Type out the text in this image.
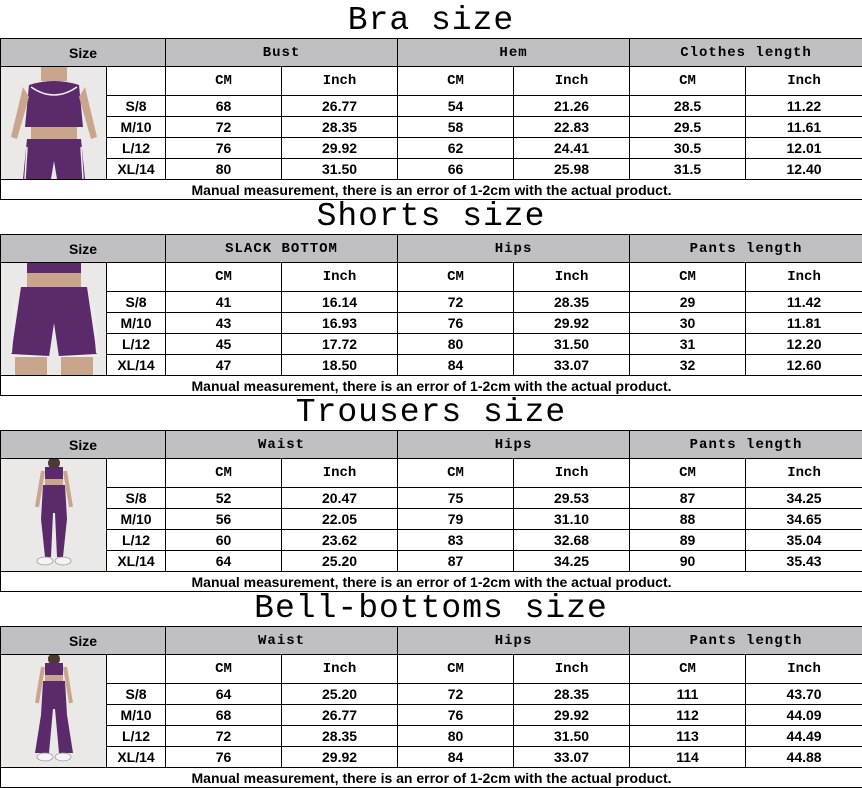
Bra size
Size		Bust		Hem		Clothes length	

		CM	Inch	CM	Inch	CM	Inch
	S/8	68	26.77	54	21.26	28.5	11.22
	M/10	72	28.35	58	22.83	29.5	11.61
	L/12	76	29.92	62	24.41	30.5	12.01
	XL/14	80	31.50	66	25.98	31.5	12.40
Manual measurement, there is an error of 1-2cm with the actual product.							
Shorts size
Size		SLACK BOTTOM		Hips		Pants length	

		CM	Inch	CM	Inch	CM	Inch
	S/8	41	16.14	72	28.35	29	11.42
	M/10	43	16.93	76	29.92	30	11.81
	L/12	45	17.72	80	31.50	31	12.20
	XL/14	47	18.50	84	33.07	32	12.60
Manual measurement, there is an error of 1-2cm with the actual product.							
Trousers size
Size		Waist		Hips		Pants length	

		CM	Inch	CM	Inch	CM	Inch
	S/8	52	20.47	75	29.53	87	34.25
	M/10	56	22.05	79	31.10	88	34.65
	L/12	60	23.62	83	32.68	89	35.04
	XL/14	64	25.20	87	34.25	90	35.43
Manual measurement, there is an error of 1-2cm with the actual product.							
Bell-bottoms size
Size		Waist		Hips		Pants length	

		CM	Inch	CM	Inch	CM	Inch
	S/8	64	25.20	72	28.35	111	43.70
	M/10	68	26.77	76	29.92	112	44.09
	L/12	72	28.35	80	31.50	113	44.49
	XL/14	76	29.92	84	33.07	114	44.88
Manual measurement, there is an error of 1-2cm with the actual product.							
